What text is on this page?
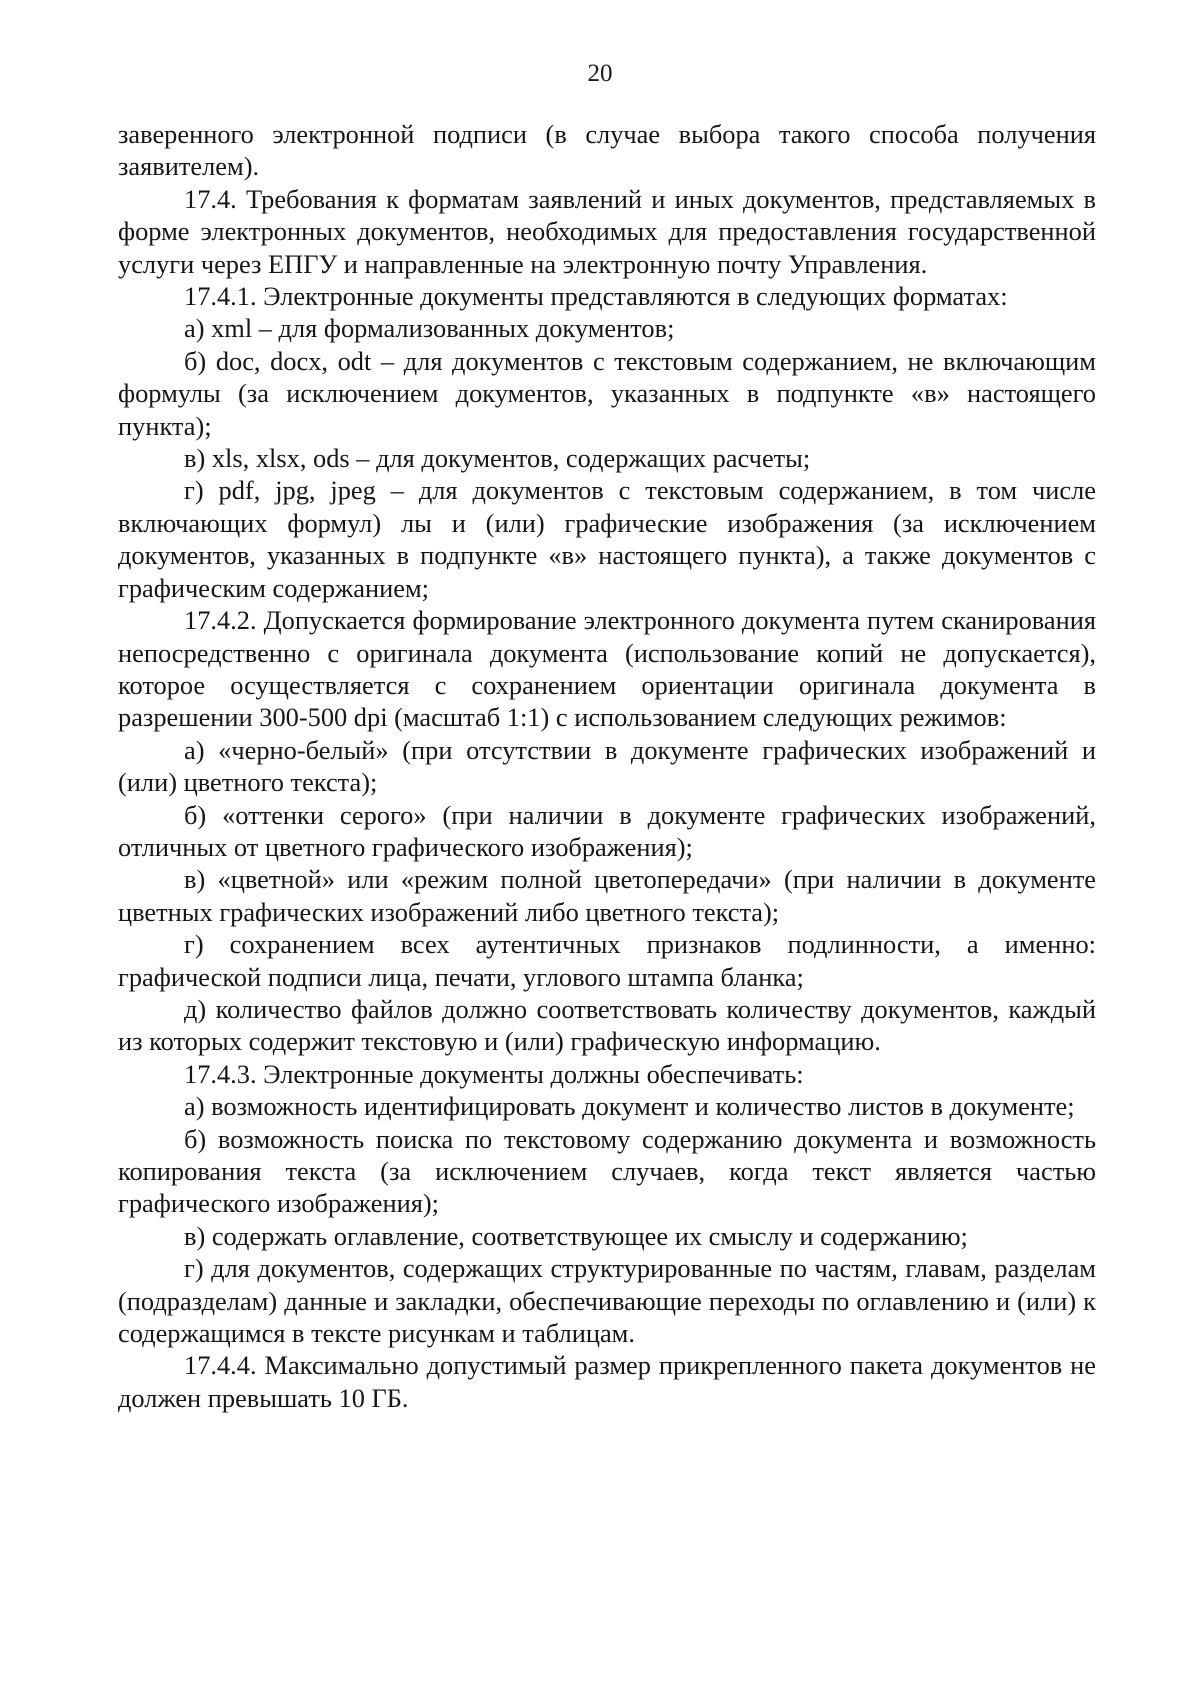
20

заверенного электронной подписи (в случае выбора такого способа получения заявителем).

17.4. Требования к форматам заявлений и иных документов, представляемых в форме электронных документов, необходимых для предоставления государственной услуги через ЕПГУ и направленные на электронную почту Управления.

17.4.1. Электронные документы представляются в следующих форматах:

а) xml – для формализованных документов;

б) doc, docx, odt – для документов с текстовым содержанием, не включающим формулы (за исключением документов, указанных в подпункте «в» настоящего пункта);

в) xls, xlsx, ods – для документов, содержащих расчеты;

г) pdf, jpg, jpeg – для документов с текстовым содержанием, в том числе включающих формул) лы и (или) графические изображения (за исключением документов, указанных в подпункте «в» настоящего пункта), а также документов с графическим содержанием;

17.4.2. Допускается формирование электронного документа путем сканирования непосредственно с оригинала документа (использование копий не допускается), которое осуществляется с сохранением ориентации оригинала документа в разрешении 300-500 dpi (масштаб 1:1) с использованием следующих режимов:

а) «черно-белый» (при отсутствии в документе графических изображений и (или) цветного текста);

б) «оттенки серого» (при наличии в документе графических изображений, отличных от цветного графического изображения);

в) «цветной» или «режим полной цветопередачи» (при наличии в документе цветных графических изображений либо цветного текста);

г) сохранением всех аутентичных признаков подлинности, а именно: графической подписи лица, печати, углового штампа бланка;

д) количество файлов должно соответствовать количеству документов, каждый из которых содержит текстовую и (или) графическую информацию.

17.4.3. Электронные документы должны обеспечивать:

а) возможность идентифицировать документ и количество листов в документе;

б) возможность поиска по текстовому содержанию документа и возможность копирования текста (за исключением случаев, когда текст является частью графического изображения);

в) содержать оглавление, соответствующее их смыслу и содержанию;

г) для документов, содержащих структурированные по частям, главам, разделам (подразделам) данные и закладки, обеспечивающие переходы по оглавлению и (или) к содержащимся в тексте рисункам и таблицам.

17.4.4. Максимально допустимый размер прикрепленного пакета документов не должен превышать 10 ГБ.
